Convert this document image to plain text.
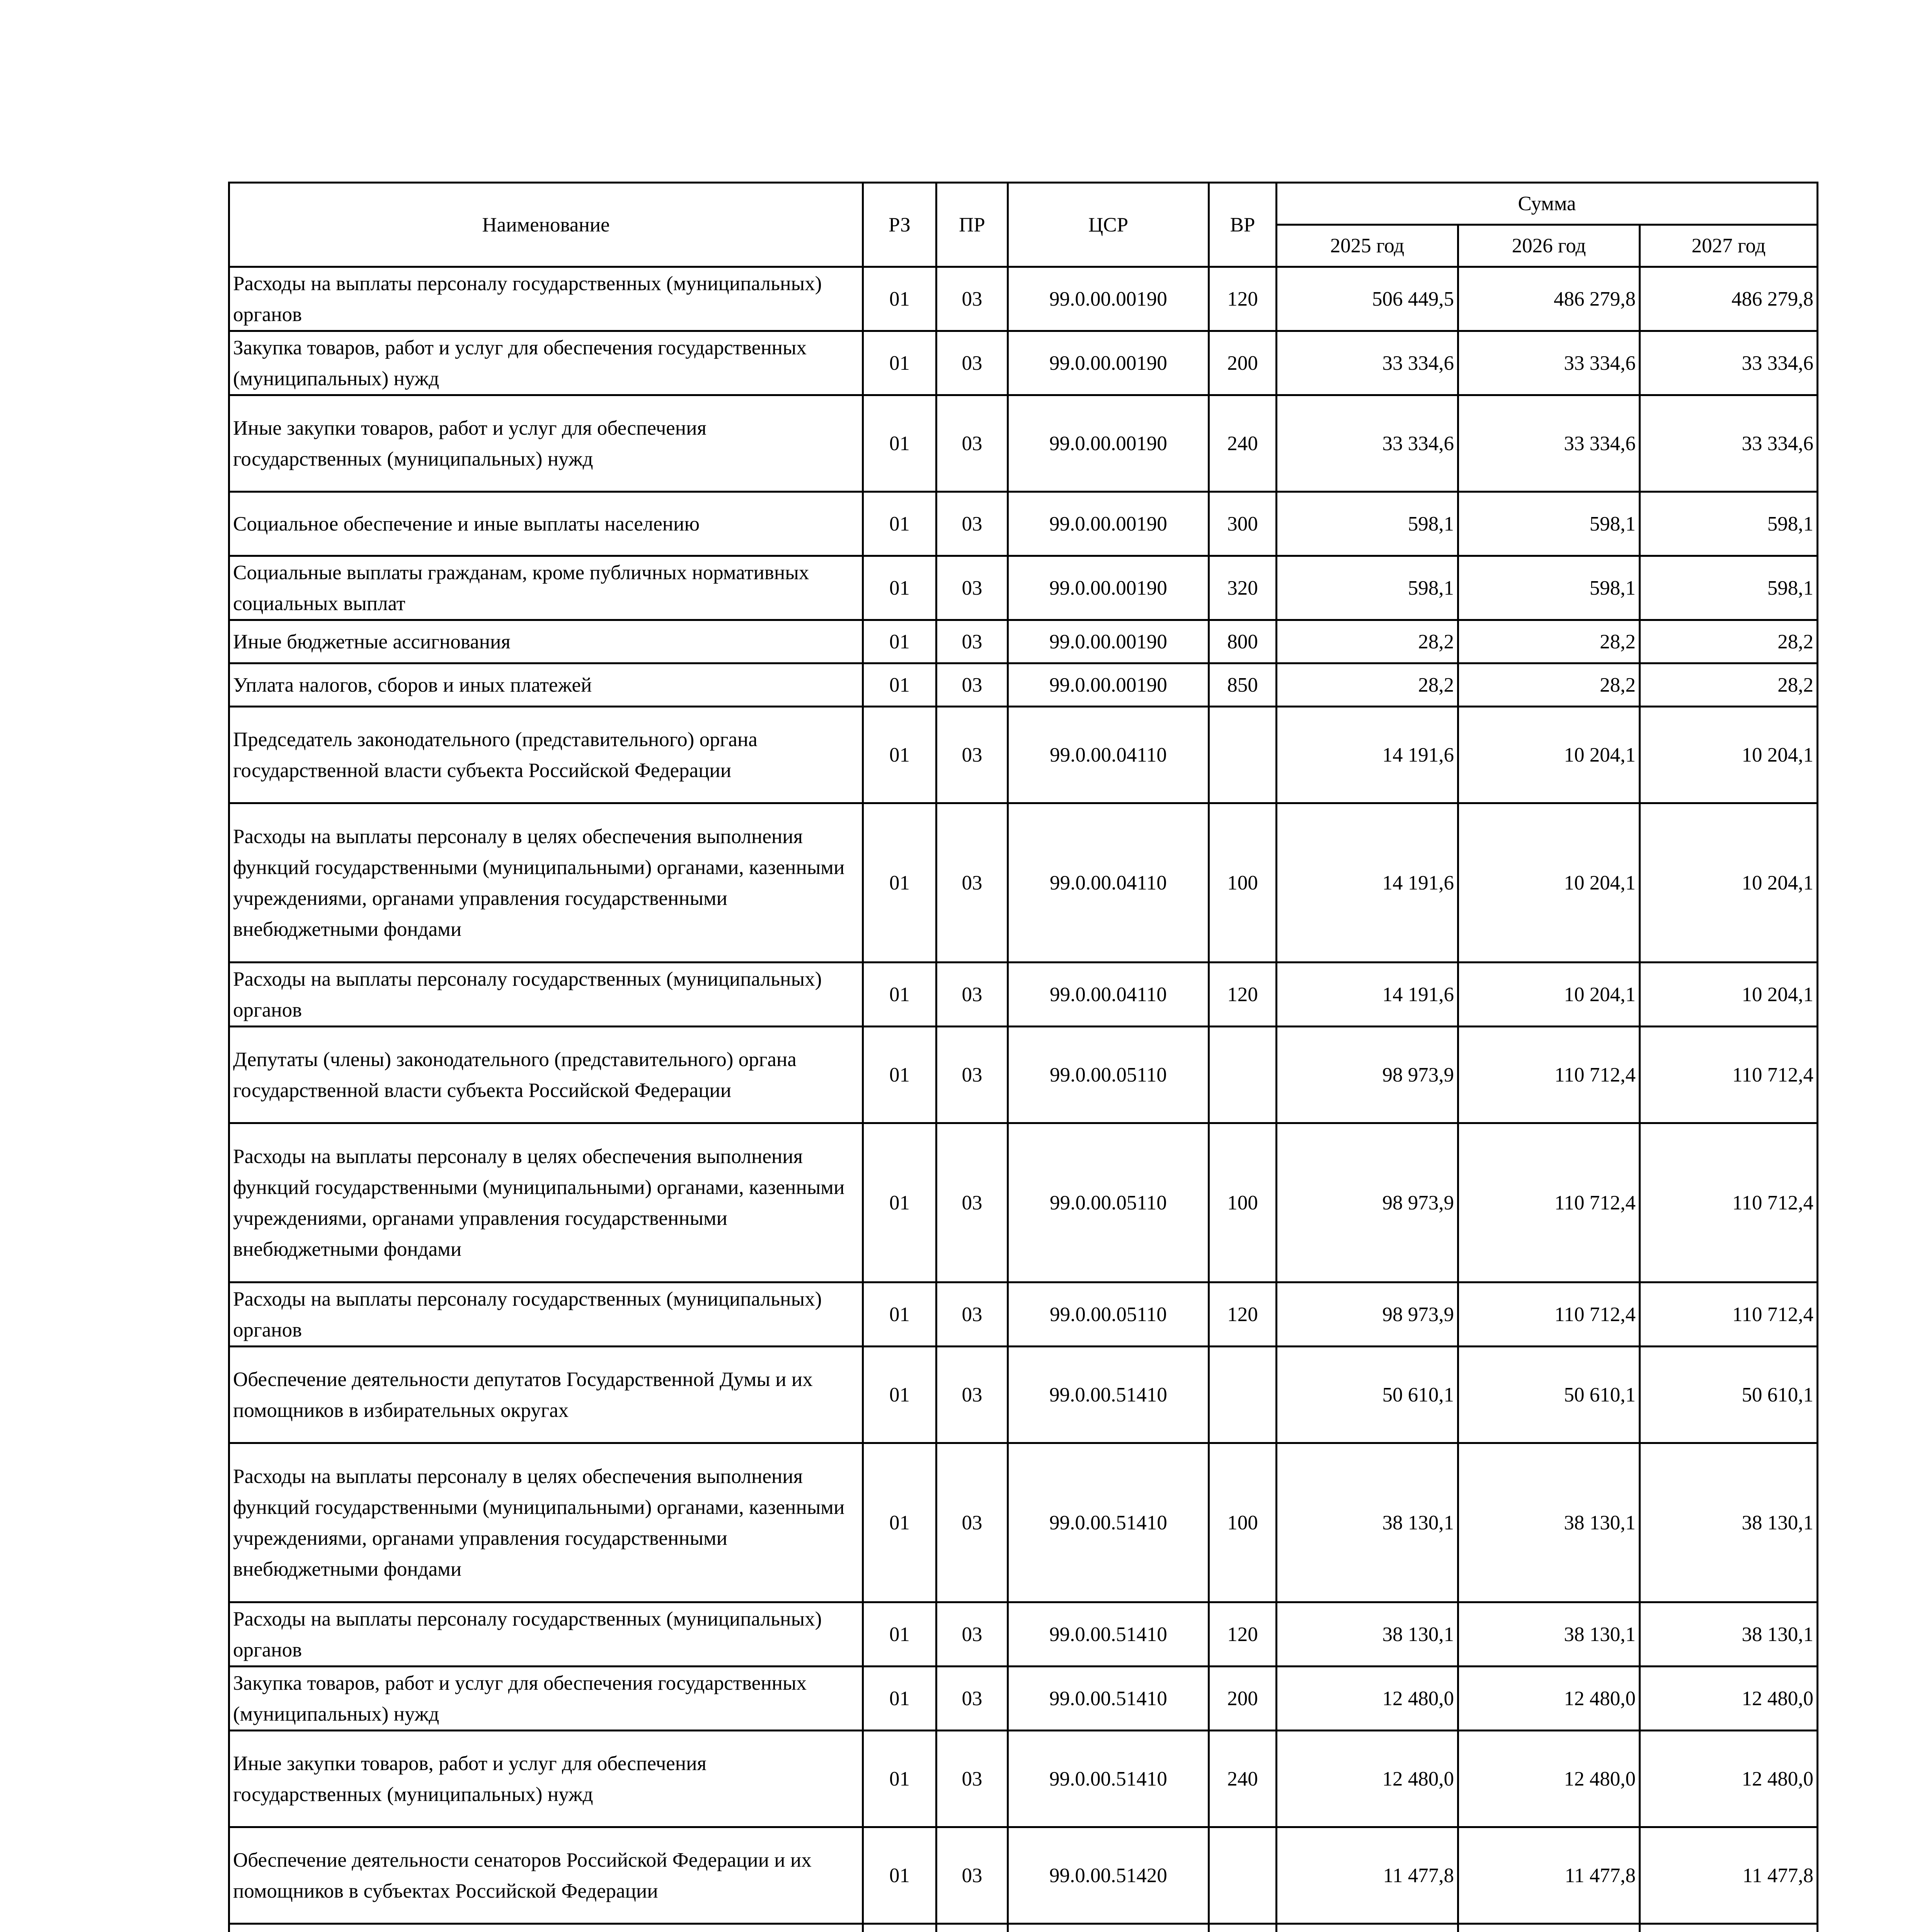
Наименование	РЗ	ПР	ЦСР	ВР	Сумма		
					2025 год	2026 год	2027 год
Расходы на выплаты персоналу государственных (муниципальных) органов	01	03	99.0.00.00190	120	506 449,5	486 279,8	486 279,8
Закупка товаров, работ и услуг для обеспечения государственных (муниципальных) нужд	01	03	99.0.00.00190	200	33 334,6	33 334,6	33 334,6
Иные закупки товаров, работ и услуг для обеспечения государственных (муниципальных) нужд	01	03	99.0.00.00190	240	33 334,6	33 334,6	33 334,6
Социальное обеспечение и иные выплаты населению	01	03	99.0.00.00190	300	598,1	598,1	598,1
Социальные выплаты гражданам, кроме публичных нормативных социальных выплат	01	03	99.0.00.00190	320	598,1	598,1	598,1
Иные бюджетные ассигнования	01	03	99.0.00.00190	800	28,2	28,2	28,2
Уплата налогов, сборов и иных платежей	01	03	99.0.00.00190	850	28,2	28,2	28,2
Председатель законодательного (представительного) органа государственной власти субъекта Российской Федерации	01	03	99.0.00.04110		14 191,6	10 204,1	10 204,1
Расходы на выплаты персоналу в целях обеспечения выполнения функций государственными (муниципальными) органами, казенными учреждениями, органами управления государственными внебюджетными фондами	01	03	99.0.00.04110	100	14 191,6	10 204,1	10 204,1
Расходы на выплаты персоналу государственных (муниципальных) органов	01	03	99.0.00.04110	120	14 191,6	10 204,1	10 204,1
Депутаты (члены) законодательного (представительного) органа государственной власти субъекта Российской Федерации	01	03	99.0.00.05110		98 973,9	110 712,4	110 712,4
Расходы на выплаты персоналу в целях обеспечения выполнения функций государственными (муниципальными) органами, казенными учреждениями, органами управления государственными внебюджетными фондами	01	03	99.0.00.05110	100	98 973,9	110 712,4	110 712,4
Расходы на выплаты персоналу государственных (муниципальных) органов	01	03	99.0.00.05110	120	98 973,9	110 712,4	110 712,4
Обеспечение деятельности депутатов Государственной Думы и их помощников в избирательных округах	01	03	99.0.00.51410		50 610,1	50 610,1	50 610,1
Расходы на выплаты персоналу в целях обеспечения выполнения функций государственными (муниципальными) органами, казенными учреждениями, органами управления государственными внебюджетными фондами	01	03	99.0.00.51410	100	38 130,1	38 130,1	38 130,1
Расходы на выплаты персоналу государственных (муниципальных) органов	01	03	99.0.00.51410	120	38 130,1	38 130,1	38 130,1
Закупка товаров, работ и услуг для обеспечения государственных (муниципальных) нужд	01	03	99.0.00.51410	200	12 480,0	12 480,0	12 480,0
Иные закупки товаров, работ и услуг для обеспечения государственных (муниципальных) нужд	01	03	99.0.00.51410	240	12 480,0	12 480,0	12 480,0
Обеспечение деятельности сенаторов Российской Федерации и их помощников в субъектах Российской Федерации	01	03	99.0.00.51420		11 477,8	11 477,8	11 477,8
